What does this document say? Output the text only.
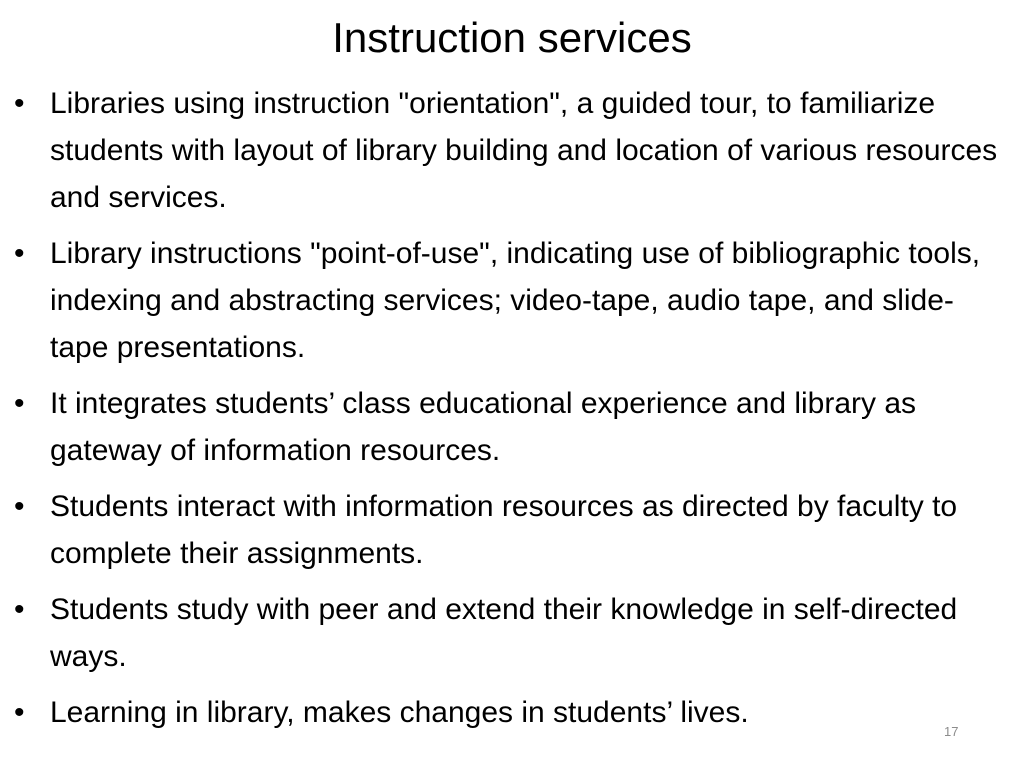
Instruction services
• Libraries using instruction "orientation", a guided tour, to familiarize students with layout of library building and location of various resources and services.
• Library instructions "point-of-use", indicating use of bibliographic tools, indexing and abstracting services; video-tape, audio tape, and slide-tape presentations.
• It integrates students’ class educational experience and library as gateway of information resources.
• Students interact with information resources as directed by faculty to complete their assignments.
• Students study with peer and extend their knowledge in self-directed ways.
• Learning in library, makes changes in students’ lives.
17
